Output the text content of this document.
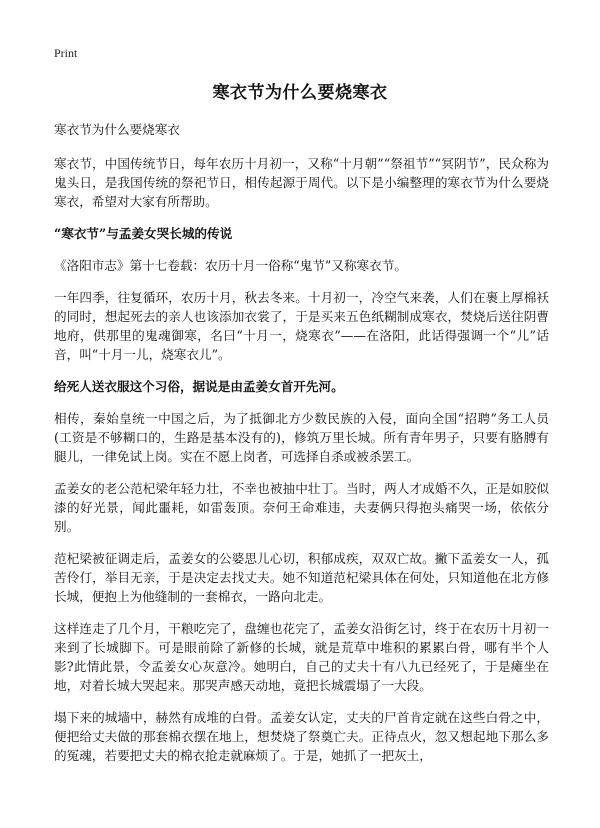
Print
寒衣节为什么要烧寒衣

寒衣节为什么要烧寒衣

寒衣节，中国传统节日，每年农历十月初一，又称“十月朝”“祭祖节”“冥阴节”，民众称为鬼头日，是我国传统的祭祀节日，相传起源于周代。以下是小编整理的寒衣节为什么要烧寒衣，希望对大家有所帮助。

“寒衣节”与孟姜女哭长城的传说

《洛阳市志》第十七卷载：农历十月一俗称“鬼节”又称寒衣节。

一年四季，往复循环，农历十月，秋去冬来。十月初一，冷空气来袭，人们在裹上厚棉袄的同时，想起死去的亲人也该添加衣裳了，于是买来五色纸糊制成寒衣，焚烧后送往阴曹地府，供那里的鬼魂御寒，名曰“十月一，烧寒衣”——在洛阳，此话得强调一个“儿”话音，叫“十月一儿，烧寒衣儿”。

给死人送衣服这个习俗，据说是由孟姜女首开先河。

相传，秦始皇统一中国之后，为了抵御北方少数民族的入侵，面向全国“招聘”务工人员(工资是不够糊口的，生路是基本没有的)，修筑万里长城。所有青年男子，只要有胳膊有腿儿，一律免试上岗。实在不愿上岗者，可选择自杀或被杀罢工。

孟姜女的老公范杞梁年轻力壮，不幸也被抽中壮丁。当时，两人才成婚不久，正是如胶似漆的好光景，闻此噩耗，如雷轰顶。奈何王命难违，夫妻俩只得抱头痛哭一场，依依分别。

范杞梁被征调走后，孟姜女的公婆思儿心切，积郁成疾，双双亡故。撇下孟姜女一人，孤苦伶仃，举目无亲，于是决定去找丈夫。她不知道范杞梁具体在何处，只知道他在北方修长城，便抱上为他缝制的一套棉衣，一路向北走。

这样连走了几个月，干粮吃完了，盘缠也花完了，孟姜女沿街乞讨，终于在农历十月初一来到了长城脚下。可是眼前除了新修的长城，就是荒草中堆积的累累白骨，哪有半个人影?此情此景，令孟姜女心灰意冷。她明白，自己的丈夫十有八九已经死了，于是瘫坐在地，对着长城大哭起来。那哭声感天动地，竟把长城震塌了一大段。

塌下来的城墙中，赫然有成堆的白骨。孟姜女认定，丈夫的尸首肯定就在这些白骨之中，便把给丈夫做的那套棉衣摆在地上，想焚烧了祭奠亡夫。正待点火，忽又想起地下那么多的冤魂，若要把丈夫的棉衣抢走就麻烦了。于是，她抓了一把灰土，
